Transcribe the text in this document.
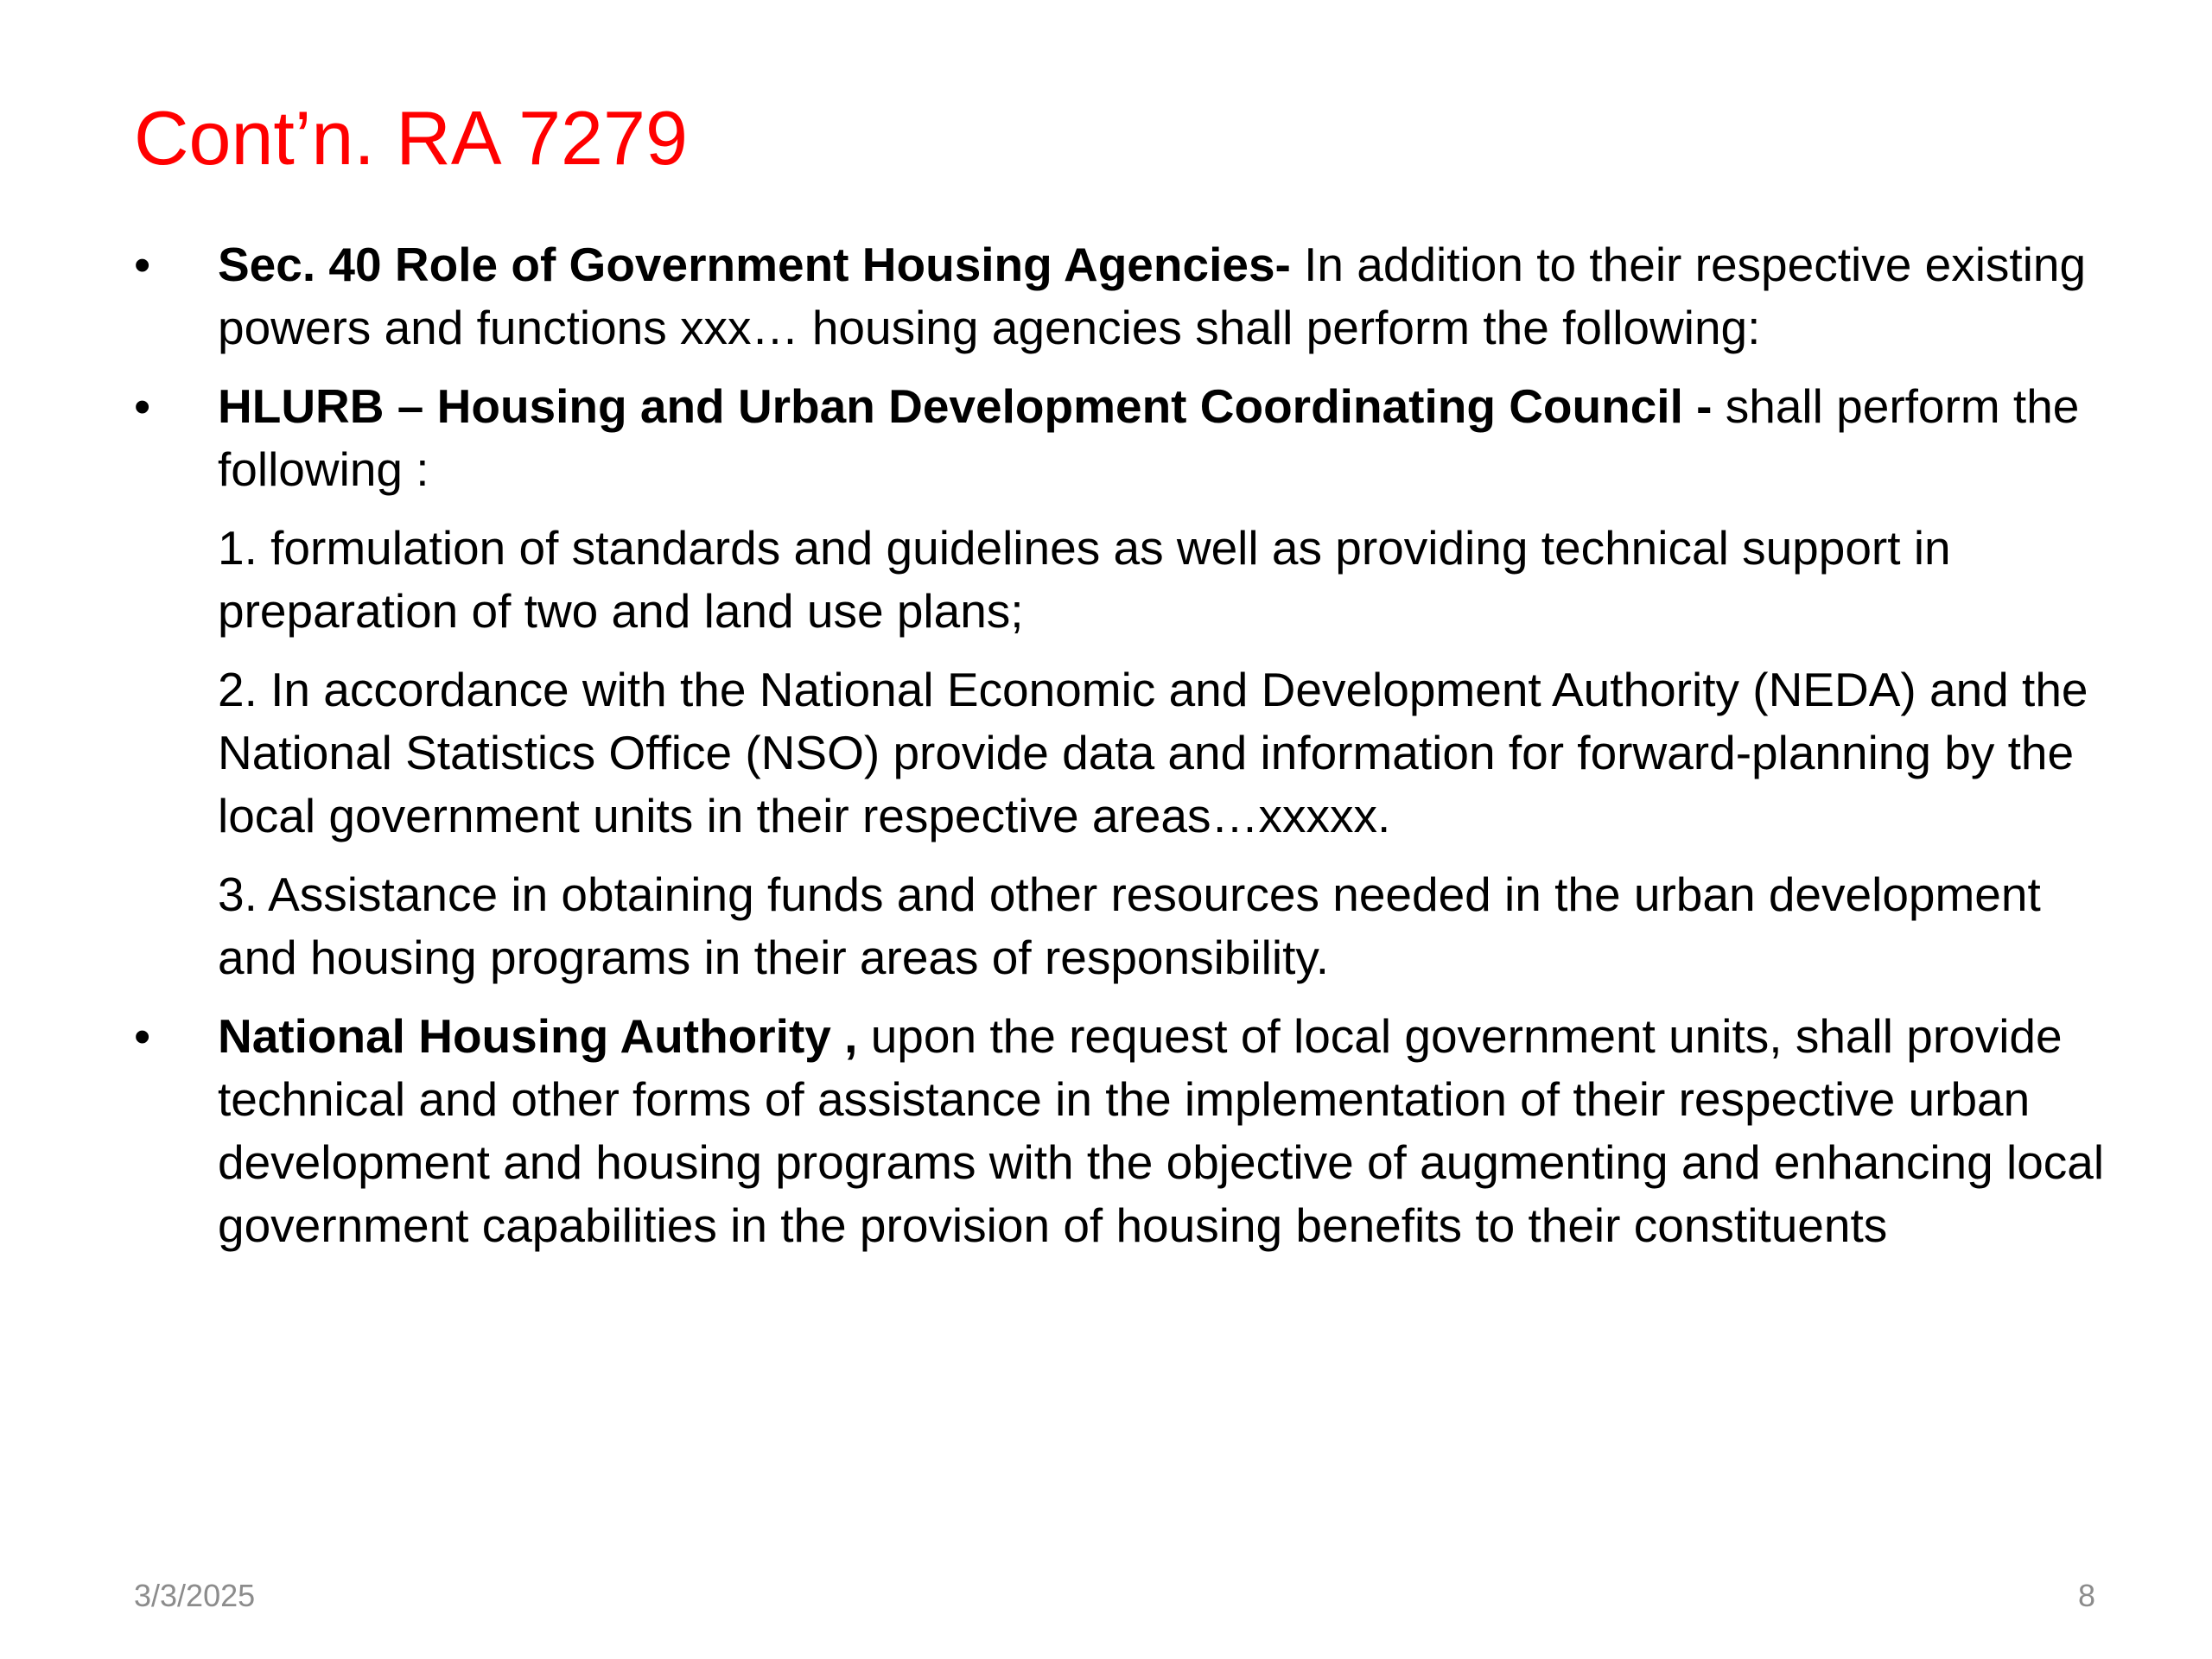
Cont’n. RA 7279
• Sec. 40 Role of Government Housing Agencies- In addition to their respective existing powers and functions xxx… housing agencies shall perform the following:
• HLURB – Housing and Urban Development Coordinating Council - shall perform the following :
1. formulation of standards and guidelines as well as providing technical support in preparation of two and land use plans;
2. In accordance with the National Economic and Development Authority (NEDA) and the National Statistics Office (NSO) provide data and information for forward-planning by the local government units in their respective areas…xxxxx.
3. Assistance in obtaining funds and other resources needed in the urban development and housing programs in their areas of responsibility.
• National Housing Authority , upon the request of local government units, shall provide technical and other forms of assistance in the implementation of their respective urban development and housing programs with the objective of augmenting and enhancing local government capabilities in the provision of housing benefits to their constituents
3/3/2025	8
